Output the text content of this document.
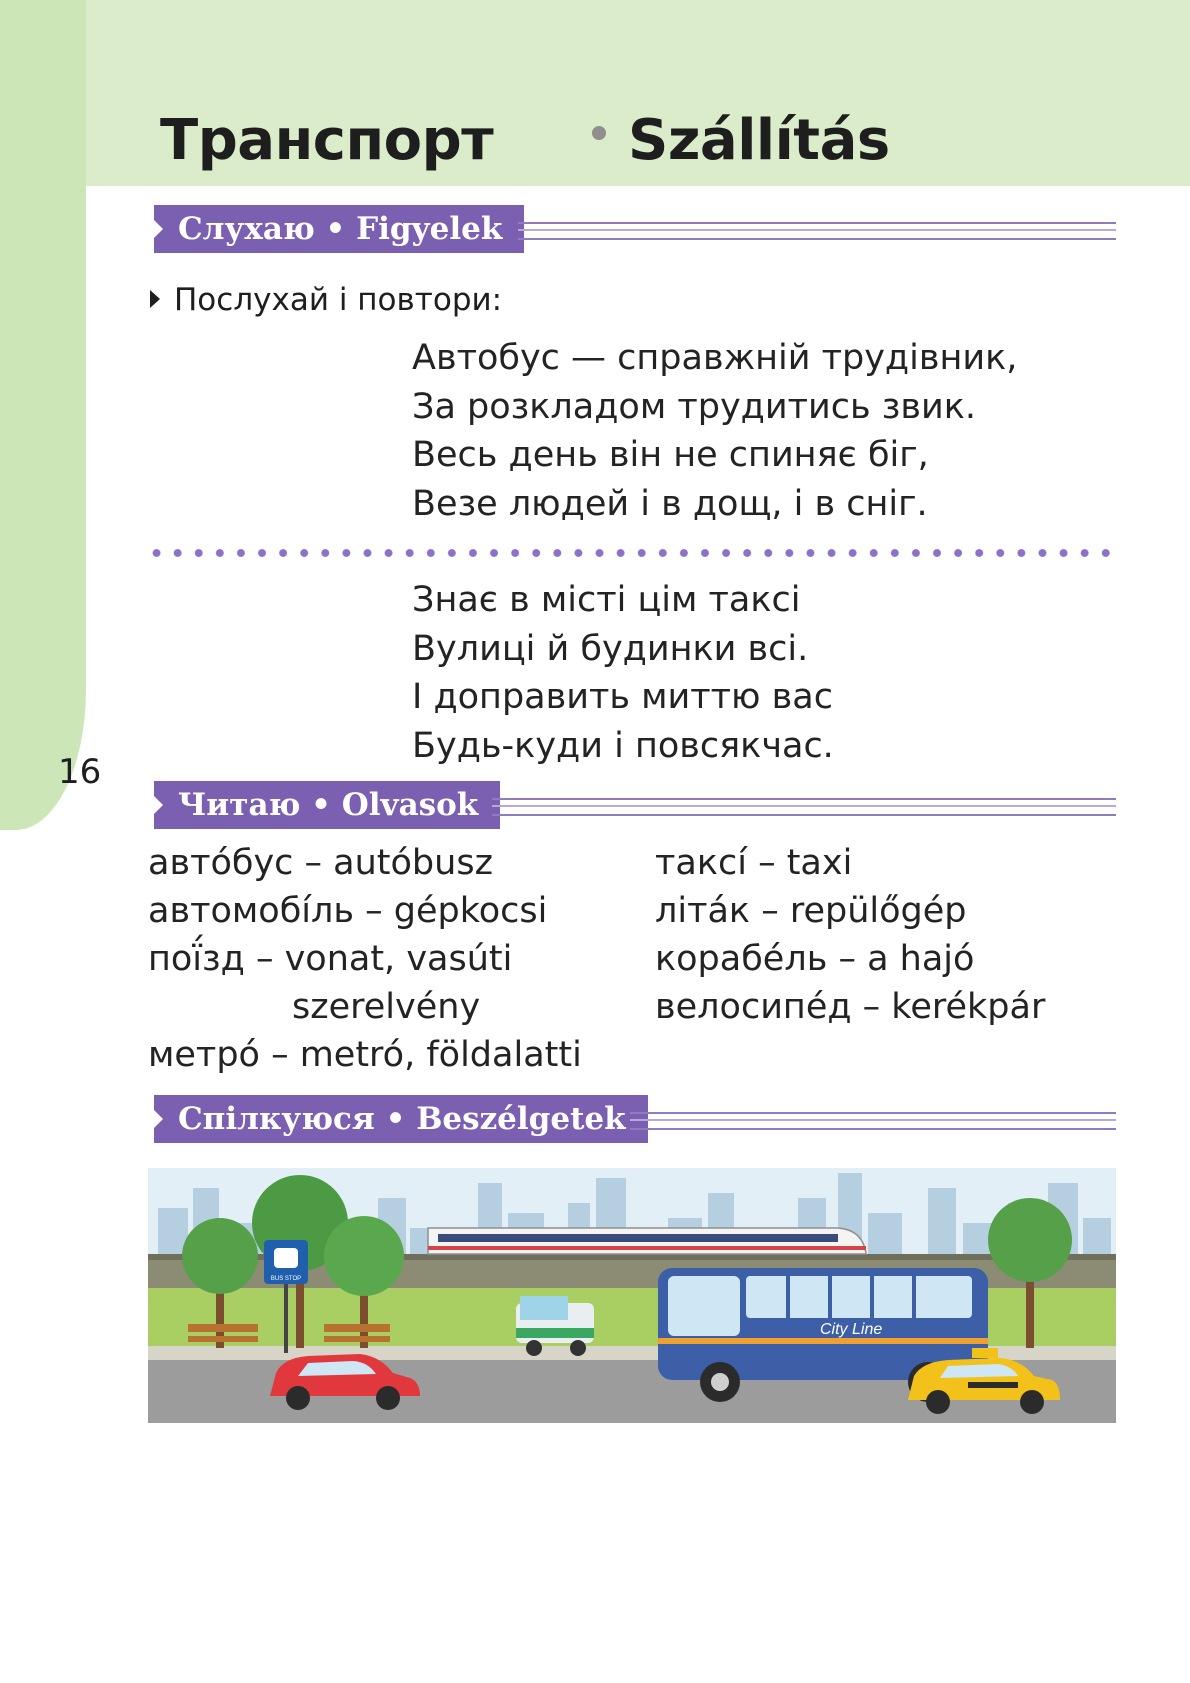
Транспорт Szállítás
16
Слухаю • Figyelek
Послухай і повтори:
Автобус — справжній трудівник,
За розкладом трудитись звик.
Весь день він не спиняє біг,
Везе людей і в дощ, і в сніг.
Знає в місті цім таксі
Вулиці й будинки всі.
І доправить миттю вас
Будь-куди і повсякчас.
Читаю • Olvasok
авто́бус – autóbusz
автомобі́ль – gépkocsi
пої́зд – vonat, vasúti
szerelvény
метро́ – metró, földalatti
таксі́ – taxi
літа́к – repülőgép
корабе́ль – a hajó
велосипе́д – kerékpár
Спілкуюся • Beszélgetek
BUS STOP
City Line
